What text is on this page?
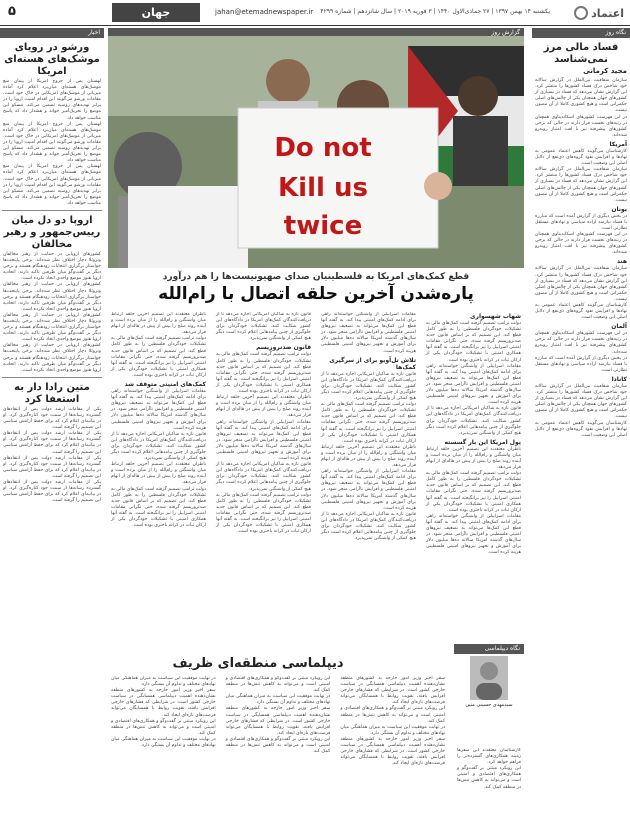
اعتماد
یکشنبه ۱۴ بهمن ۱۳۹۷ | ۲۷ جمادی‌الاول ۱۴۴۰ | ۳ فوریه ۲۰۱۹ | سال شانزدهم | شماره ۴۲۹۹
jahan@etemadnewspaper.ir
جهان
۵
نگاه روز
فساد مالی مرز نمی‌شناسد
مجید کرمانی

سازمان شفافیت بین‌الملل در گزارش سالانه خود شاخص درک فساد کشورها را منتشر کرد. این گزارش نشان می‌دهد که فساد در بسیاری از کشورهای جهان همچنان یکی از چالش‌های اصلی حکمرانی است و هیچ کشوری کاملا از آن مصون نیست.

در این فهرست کشورهای اسکاندیناوی همچنان در رتبه‌های نخست قرار دارند در حالی که برخی کشورهای پیشرفته نیز با افت امتیاز روبه‌رو شده‌اند.

آمریکا

کارشناسان می‌گویند کاهش اعتماد عمومی به نهادها و افزایش نفوذ گروه‌های ذی‌نفع از دلایل اصلی این وضعیت است.

سازمان شفافیت بین‌الملل در گزارش سالانه خود شاخص درک فساد کشورها را منتشر کرد. این گزارش نشان می‌دهد که فساد در بسیاری از کشورهای جهان همچنان یکی از چالش‌های اصلی حکمرانی است و هیچ کشوری کاملا از آن مصون نیست.

یونان

در بخش دیگری از گزارش آمده است که مبارزه با فساد نیازمند اراده سیاسی و نهادهای مستقل نظارتی است.

در این فهرست کشورهای اسکاندیناوی همچنان در رتبه‌های نخست قرار دارند در حالی که برخی کشورهای پیشرفته نیز با افت امتیاز روبه‌رو شده‌اند.

هند

سازمان شفافیت بین‌الملل در گزارش سالانه خود شاخص درک فساد کشورها را منتشر کرد. این گزارش نشان می‌دهد که فساد در بسیاری از کشورهای جهان همچنان یکی از چالش‌های اصلی حکمرانی است و هیچ کشوری کاملا از آن مصون نیست.

کارشناسان می‌گویند کاهش اعتماد عمومی به نهادها و افزایش نفوذ گروه‌های ذی‌نفع از دلایل اصلی این وضعیت است.

آلمان

در این فهرست کشورهای اسکاندیناوی همچنان در رتبه‌های نخست قرار دارند در حالی که برخی کشورهای پیشرفته نیز با افت امتیاز روبه‌رو شده‌اند.

در بخش دیگری از گزارش آمده است که مبارزه با فساد نیازمند اراده سیاسی و نهادهای مستقل نظارتی است.

کانادا

سازمان شفافیت بین‌الملل در گزارش سالانه خود شاخص درک فساد کشورها را منتشر کرد. این گزارش نشان می‌دهد که فساد در بسیاری از کشورهای جهان همچنان یکی از چالش‌های اصلی حکمرانی است و هیچ کشوری کاملا از آن مصون نیست.

کارشناسان می‌گویند کاهش اعتماد عمومی به نهادها و افزایش نفوذ گروه‌های ذی‌نفع از دلایل اصلی این وضعیت است.

اخبار
ورشو در رویای موشک‌های هسته‌ای امریکا

لهستان پس از خروج امریکا از پیمان منع موشک‌های هسته‌ای میان‌برد اعلام کرد آماده میزبانی از موشک‌های امریکایی در خاک خود است. مقامات ورشو می‌گویند این اقدام امنیت اروپا را در برابر تهدیدهای روسیه تضمین می‌کند. مسکو این موضع را تحریک‌آمیز خواند و هشدار داد که پاسخ مناسب خواهد داد.

لهستان پس از خروج امریکا از پیمان منع موشک‌های هسته‌ای میان‌برد اعلام کرد آماده میزبانی از موشک‌های امریکایی در خاک خود است. مقامات ورشو می‌گویند این اقدام امنیت اروپا را در برابر تهدیدهای روسیه تضمین می‌کند. مسکو این موضع را تحریک‌آمیز خواند و هشدار داد که پاسخ مناسب خواهد داد.

لهستان پس از خروج امریکا از پیمان منع موشک‌های هسته‌ای میان‌برد اعلام کرد آماده میزبانی از موشک‌های امریکایی در خاک خود است. مقامات ورشو می‌گویند این اقدام امنیت اروپا را در برابر تهدیدهای روسیه تضمین می‌کند. مسکو این موضع را تحریک‌آمیز خواند و هشدار داد که پاسخ مناسب خواهد داد.

اروپا دو دل میان رییس‌جمهور و رهبر مخالفان

کشورهای اروپایی در حمایت از رهبر مخالفان ونزوئلا دچار اختلاف نظر شده‌اند. برخی پایتخت‌ها خواستار برگزاری انتخابات زودهنگام هستند و برخی دیگر بر گفت‌وگو میان طرفین تاکید دارند. اتحادیه اروپا هنوز موضع واحدی اتخاذ نکرده است.

کشورهای اروپایی در حمایت از رهبر مخالفان ونزوئلا دچار اختلاف نظر شده‌اند. برخی پایتخت‌ها خواستار برگزاری انتخابات زودهنگام هستند و برخی دیگر بر گفت‌وگو میان طرفین تاکید دارند. اتحادیه اروپا هنوز موضع واحدی اتخاذ نکرده است.

کشورهای اروپایی در حمایت از رهبر مخالفان ونزوئلا دچار اختلاف نظر شده‌اند. برخی پایتخت‌ها خواستار برگزاری انتخابات زودهنگام هستند و برخی دیگر بر گفت‌وگو میان طرفین تاکید دارند. اتحادیه اروپا هنوز موضع واحدی اتخاذ نکرده است.

کشورهای اروپایی در حمایت از رهبر مخالفان ونزوئلا دچار اختلاف نظر شده‌اند. برخی پایتخت‌ها خواستار برگزاری انتخابات زودهنگام هستند و برخی دیگر بر گفت‌وگو میان طرفین تاکید دارند. اتحادیه اروپا هنوز موضع واحدی اتخاذ نکرده است.

متین رادا دار به استعفا کرد

یکی از مقامات ارشد دولت پس از انتقادهای گسترده رسانه‌ها از سمت خود کناره‌گیری کرد. او در بیانیه‌ای اعلام کرد که برای حفظ آرامش سیاسی این تصمیم را گرفته است.

یکی از مقامات ارشد دولت پس از انتقادهای گسترده رسانه‌ها از سمت خود کناره‌گیری کرد. او در بیانیه‌ای اعلام کرد که برای حفظ آرامش سیاسی این تصمیم را گرفته است.

یکی از مقامات ارشد دولت پس از انتقادهای گسترده رسانه‌ها از سمت خود کناره‌گیری کرد. او در بیانیه‌ای اعلام کرد که برای حفظ آرامش سیاسی این تصمیم را گرفته است.

یکی از مقامات ارشد دولت پس از انتقادهای گسترده رسانه‌ها از سمت خود کناره‌گیری کرد. او در بیانیه‌ای اعلام کرد که برای حفظ آرامش سیاسی این تصمیم را گرفته است.

گزارش روز
Do not
Kill us
twice
قطع کمک‌های امریکا به فلسطینیان صدای صهیونیست‌ها را هم درآورد
پاره‌شدن آخرین حلقه اتصال با رام‌الله
شهاب شهسواری

دولت ترامپ تصمیم گرفته است کمک‌های مالی به تشکیلات خودگردان فلسطین را به طور کامل قطع کند. این تصمیم که بر اساس قانون جدید ضدتروریسم گرفته شده، حتی نگرانی مقامات امنیتی اسراییل را نیز برانگیخته است. به گفته آنها همکاری امنیتی با تشکیلات خودگردان یکی از ارکان ثبات در کرانه باختری بوده است.

مقامات اسراییلی از واشنگتن خواسته‌اند راهی برای ادامه کمک‌های امنیتی پیدا کند. به گفته آنها قطع این کمک‌ها می‌تواند به تضعیف نیروهای امنیتی فلسطینی و افزایش ناآرامی منجر شود. در سال‌های گذشته امریکا سالانه ده‌ها میلیون دلار برای آموزش و تجهیز نیروهای امنیتی فلسطینی هزینه کرده است.

قانون تازه به شاکیان امریکایی اجازه می‌دهد تا از دریافت‌کنندگان کمک‌های امریکا در دادگاه‌های این کشور شکایت کنند. تشکیلات خودگردان برای جلوگیری از چنین پیامدهایی اعلام کرده است دیگر هیچ کمکی از واشنگتن نمی‌پذیرد.

پول امریکا این بار گسسته

ناظران معتقدند این تصمیم آخرین حلقه ارتباط میان واشنگتن و رام‌الله را از میان برده است و آینده روند صلح را بیش از پیش در هاله‌ای از ابهام قرار می‌دهد.

دولت ترامپ تصمیم گرفته است کمک‌های مالی به تشکیلات خودگردان فلسطین را به طور کامل قطع کند. این تصمیم که بر اساس قانون جدید ضدتروریسم گرفته شده، حتی نگرانی مقامات امنیتی اسراییل را نیز برانگیخته است. به گفته آنها همکاری امنیتی با تشکیلات خودگردان یکی از ارکان ثبات در کرانه باختری بوده است.

مقامات اسراییلی از واشنگتن خواسته‌اند راهی برای ادامه کمک‌های امنیتی پیدا کند. به گفته آنها قطع این کمک‌ها می‌تواند به تضعیف نیروهای امنیتی فلسطینی و افزایش ناآرامی منجر شود. در سال‌های گذشته امریکا سالانه ده‌ها میلیون دلار برای آموزش و تجهیز نیروهای امنیتی فلسطینی هزینه کرده است.

مقامات اسراییلی از واشنگتن خواسته‌اند راهی برای ادامه کمک‌های امنیتی پیدا کند. به گفته آنها قطع این کمک‌ها می‌تواند به تضعیف نیروهای امنیتی فلسطینی و افزایش ناآرامی منجر شود. در سال‌های گذشته امریکا سالانه ده‌ها میلیون دلار برای آموزش و تجهیز نیروهای امنیتی فلسطینی هزینه کرده است.

تلاش تل‌آویو برای از سرگیری کمک‌ها

قانون تازه به شاکیان امریکایی اجازه می‌دهد تا از دریافت‌کنندگان کمک‌های امریکا در دادگاه‌های این کشور شکایت کنند. تشکیلات خودگردان برای جلوگیری از چنین پیامدهایی اعلام کرده است دیگر هیچ کمکی از واشنگتن نمی‌پذیرد.

دولت ترامپ تصمیم گرفته است کمک‌های مالی به تشکیلات خودگردان فلسطین را به طور کامل قطع کند. این تصمیم که بر اساس قانون جدید ضدتروریسم گرفته شده، حتی نگرانی مقامات امنیتی اسراییل را نیز برانگیخته است. به گفته آنها همکاری امنیتی با تشکیلات خودگردان یکی از ارکان ثبات در کرانه باختری بوده است.

ناظران معتقدند این تصمیم آخرین حلقه ارتباط میان واشنگتن و رام‌الله را از میان برده است و آینده روند صلح را بیش از پیش در هاله‌ای از ابهام قرار می‌دهد.

مقامات اسراییلی از واشنگتن خواسته‌اند راهی برای ادامه کمک‌های امنیتی پیدا کند. به گفته آنها قطع این کمک‌ها می‌تواند به تضعیف نیروهای امنیتی فلسطینی و افزایش ناآرامی منجر شود. در سال‌های گذشته امریکا سالانه ده‌ها میلیون دلار برای آموزش و تجهیز نیروهای امنیتی فلسطینی هزینه کرده است.

قانون تازه به شاکیان امریکایی اجازه می‌دهد تا از دریافت‌کنندگان کمک‌های امریکا در دادگاه‌های این کشور شکایت کنند. تشکیلات خودگردان برای جلوگیری از چنین پیامدهایی اعلام کرده است دیگر هیچ کمکی از واشنگتن نمی‌پذیرد.

قانون تازه به شاکیان امریکایی اجازه می‌دهد تا از دریافت‌کنندگان کمک‌های امریکا در دادگاه‌های این کشور شکایت کنند. تشکیلات خودگردان برای جلوگیری از چنین پیامدهایی اعلام کرده است دیگر هیچ کمکی از واشنگتن نمی‌پذیرد.

قانون ضدتروریسم

دولت ترامپ تصمیم گرفته است کمک‌های مالی به تشکیلات خودگردان فلسطین را به طور کامل قطع کند. این تصمیم که بر اساس قانون جدید ضدتروریسم گرفته شده، حتی نگرانی مقامات امنیتی اسراییل را نیز برانگیخته است. به گفته آنها همکاری امنیتی با تشکیلات خودگردان یکی از ارکان ثبات در کرانه باختری بوده است.

ناظران معتقدند این تصمیم آخرین حلقه ارتباط میان واشنگتن و رام‌الله را از میان برده است و آینده روند صلح را بیش از پیش در هاله‌ای از ابهام قرار می‌دهد.

مقامات اسراییلی از واشنگتن خواسته‌اند راهی برای ادامه کمک‌های امنیتی پیدا کند. به گفته آنها قطع این کمک‌ها می‌تواند به تضعیف نیروهای امنیتی فلسطینی و افزایش ناآرامی منجر شود. در سال‌های گذشته امریکا سالانه ده‌ها میلیون دلار برای آموزش و تجهیز نیروهای امنیتی فلسطینی هزینه کرده است.

قانون تازه به شاکیان امریکایی اجازه می‌دهد تا از دریافت‌کنندگان کمک‌های امریکا در دادگاه‌های این کشور شکایت کنند. تشکیلات خودگردان برای جلوگیری از چنین پیامدهایی اعلام کرده است دیگر هیچ کمکی از واشنگتن نمی‌پذیرد.

دولت ترامپ تصمیم گرفته است کمک‌های مالی به تشکیلات خودگردان فلسطین را به طور کامل قطع کند. این تصمیم که بر اساس قانون جدید ضدتروریسم گرفته شده، حتی نگرانی مقامات امنیتی اسراییل را نیز برانگیخته است. به گفته آنها همکاری امنیتی با تشکیلات خودگردان یکی از ارکان ثبات در کرانه باختری بوده است.

ناظران معتقدند این تصمیم آخرین حلقه ارتباط میان واشنگتن و رام‌الله را از میان برده است و آینده روند صلح را بیش از پیش در هاله‌ای از ابهام قرار می‌دهد.

دولت ترامپ تصمیم گرفته است کمک‌های مالی به تشکیلات خودگردان فلسطین را به طور کامل قطع کند. این تصمیم که بر اساس قانون جدید ضدتروریسم گرفته شده، حتی نگرانی مقامات امنیتی اسراییل را نیز برانگیخته است. به گفته آنها همکاری امنیتی با تشکیلات خودگردان یکی از ارکان ثبات در کرانه باختری بوده است.

کمک‌های امنیتی متوقف شد

مقامات اسراییلی از واشنگتن خواسته‌اند راهی برای ادامه کمک‌های امنیتی پیدا کند. به گفته آنها قطع این کمک‌ها می‌تواند به تضعیف نیروهای امنیتی فلسطینی و افزایش ناآرامی منجر شود. در سال‌های گذشته امریکا سالانه ده‌ها میلیون دلار برای آموزش و تجهیز نیروهای امنیتی فلسطینی هزینه کرده است.

قانون تازه به شاکیان امریکایی اجازه می‌دهد تا از دریافت‌کنندگان کمک‌های امریکا در دادگاه‌های این کشور شکایت کنند. تشکیلات خودگردان برای جلوگیری از چنین پیامدهایی اعلام کرده است دیگر هیچ کمکی از واشنگتن نمی‌پذیرد.

ناظران معتقدند این تصمیم آخرین حلقه ارتباط میان واشنگتن و رام‌الله را از میان برده است و آینده روند صلح را بیش از پیش در هاله‌ای از ابهام قرار می‌دهد.

دولت ترامپ تصمیم گرفته است کمک‌های مالی به تشکیلات خودگردان فلسطین را به طور کامل قطع کند. این تصمیم که بر اساس قانون جدید ضدتروریسم گرفته شده، حتی نگرانی مقامات امنیتی اسراییل را نیز برانگیخته است. به گفته آنها همکاری امنیتی با تشکیلات خودگردان یکی از ارکان ثبات در کرانه باختری بوده است.

نگاه دیپلماسی
دیپلماسی منطقه‌ای ظریف

سفر اخیر وزیر امور خارجه به کشورهای منطقه نشان‌دهنده اهمیت دیپلماسی همسایگی در سیاست خارجی کشور است. در شرایطی که فشارهای خارجی افزایش یافته، تقویت روابط با همسایگان می‌تواند فرصت‌های تازه‌ای ایجاد کند.

این رویکرد مبتنی بر گفت‌وگو و همکاری‌های اقتصادی و امنیتی است و می‌تواند به کاهش تنش‌ها در منطقه کمک کند.

در نهایت موفقیت این سیاست به میزان هماهنگی میان نهادهای مختلف و تداوم آن بستگی دارد.

سفر اخیر وزیر امور خارجه به کشورهای منطقه نشان‌دهنده اهمیت دیپلماسی همسایگی در سیاست خارجی کشور است. در شرایطی که فشارهای خارجی افزایش یافته، تقویت روابط با همسایگان می‌تواند فرصت‌های تازه‌ای ایجاد کند.

این رویکرد مبتنی بر گفت‌وگو و همکاری‌های اقتصادی و امنیتی است و می‌تواند به کاهش تنش‌ها در منطقه کمک کند.

در نهایت موفقیت این سیاست به میزان هماهنگی میان نهادهای مختلف و تداوم آن بستگی دارد.

سفر اخیر وزیر امور خارجه به کشورهای منطقه نشان‌دهنده اهمیت دیپلماسی همسایگی در سیاست خارجی کشور است. در شرایطی که فشارهای خارجی افزایش یافته، تقویت روابط با همسایگان می‌تواند فرصت‌های تازه‌ای ایجاد کند.

این رویکرد مبتنی بر گفت‌وگو و همکاری‌های اقتصادی و امنیتی است و می‌تواند به کاهش تنش‌ها در منطقه کمک کند.

در نهایت موفقیت این سیاست به میزان هماهنگی میان نهادهای مختلف و تداوم آن بستگی دارد.

سفر اخیر وزیر امور خارجه به کشورهای منطقه نشان‌دهنده اهمیت دیپلماسی همسایگی در سیاست خارجی کشور است. در شرایطی که فشارهای خارجی افزایش یافته، تقویت روابط با همسایگان می‌تواند فرصت‌های تازه‌ای ایجاد کند.

این رویکرد مبتنی بر گفت‌وگو و همکاری‌های اقتصادی و امنیتی است و می‌تواند به کاهش تنش‌ها در منطقه کمک کند.

در نهایت موفقیت این سیاست به میزان هماهنگی میان نهادهای مختلف و تداوم آن بستگی دارد.

سیدمهدی حسینی متین

کارشناسان معتقدند این سفرها زمینه همکاری‌های گسترده‌تر را فراهم خواهد کرد.

این رویکرد مبتنی بر گفت‌وگو و همکاری‌های اقتصادی و امنیتی است و می‌تواند به کاهش تنش‌ها در منطقه کمک کند.
